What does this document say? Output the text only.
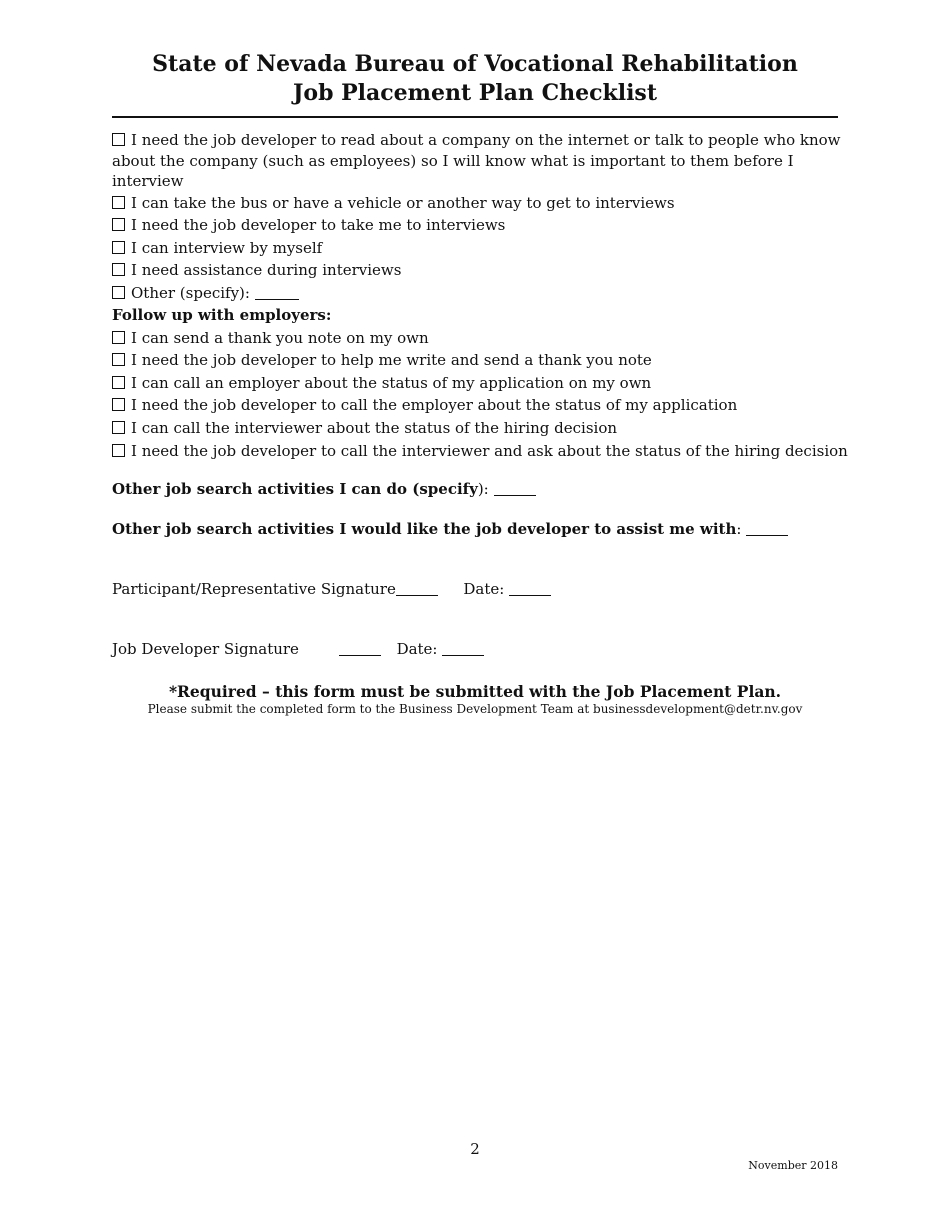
State of Nevada Bureau of Vocational Rehabilitation
Job Placement Plan Checklist
I need the job developer to read about a company on the internet or talk to people who know about the company (such as employees) so I will know what is important to them before I interview
I can take the bus or have a vehicle or another way to get to interviews
I need the job developer to take me to interviews
I can interview by myself
I need assistance during interviews
Other (specify):
Follow up with employers:
I can send a thank you note on my own
I need the job developer to help me write and send a thank you note
I can call an employer about the status of my application on my own
I need the job developer to call the employer about the status of my application
I can call the interviewer about the status of the hiring decision
I need the job developer to call the interviewer and ask about the status of the hiring decision
Other job search activities I can do (specify):
Other job search activities I would like the job developer to assist me with:
Participant/Representative Signature	Date:
Job Developer Signature	Date:
*Required – this form must be submitted with the Job Placement Plan.
Please submit the completed form to the Business Development Team at businessdevelopment@detr.nv.gov
2
November 2018
